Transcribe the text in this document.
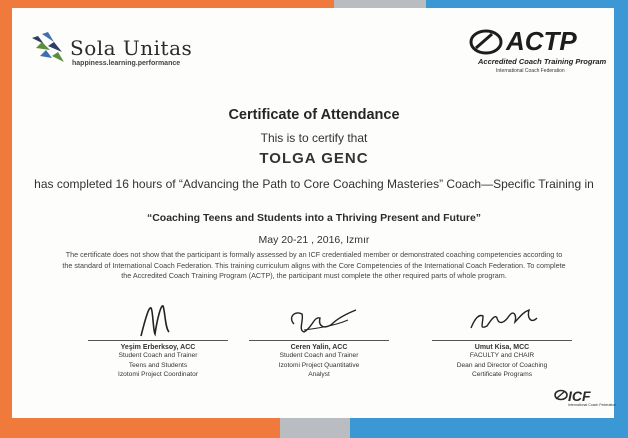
Sola Unitas
happiness.learning.performance
ACTP
Accredited Coach Training Program
International Coach Federation
Certificate of Attendance
This is to certify that
TOLGA GENC
has completed 16 hours of “Advancing the Path to Core Coaching Masteries” Coach—Specific Training in
“Coaching Teens and Students into a Thriving Present and Future”
May 20-21 , 2016, Izmır
The certificate does not show that the participant is formally assessed by an ICF credentialed member or demonstrated coaching competencies according to the standard of International Coach Federation. This training curriculum aligns with the Core Competencies of the International Coach Federation. To complete the Accredited Coach Training Program (ACTP), the participant must complete the other required parts of whole program.
Yeşim Erberksoy, ACC
Student Coach and Trainer
Teens and Students
Izotomi Project Coordinator
Ceren Yalin, ACC
Student Coach and Trainer
Izotomi Project Quantitative
Analyst
Umut Kisa, MCC
FACULTY and CHAIR
Dean and Director of Coaching
Certificate Programs
ICF
International Coach Federation
